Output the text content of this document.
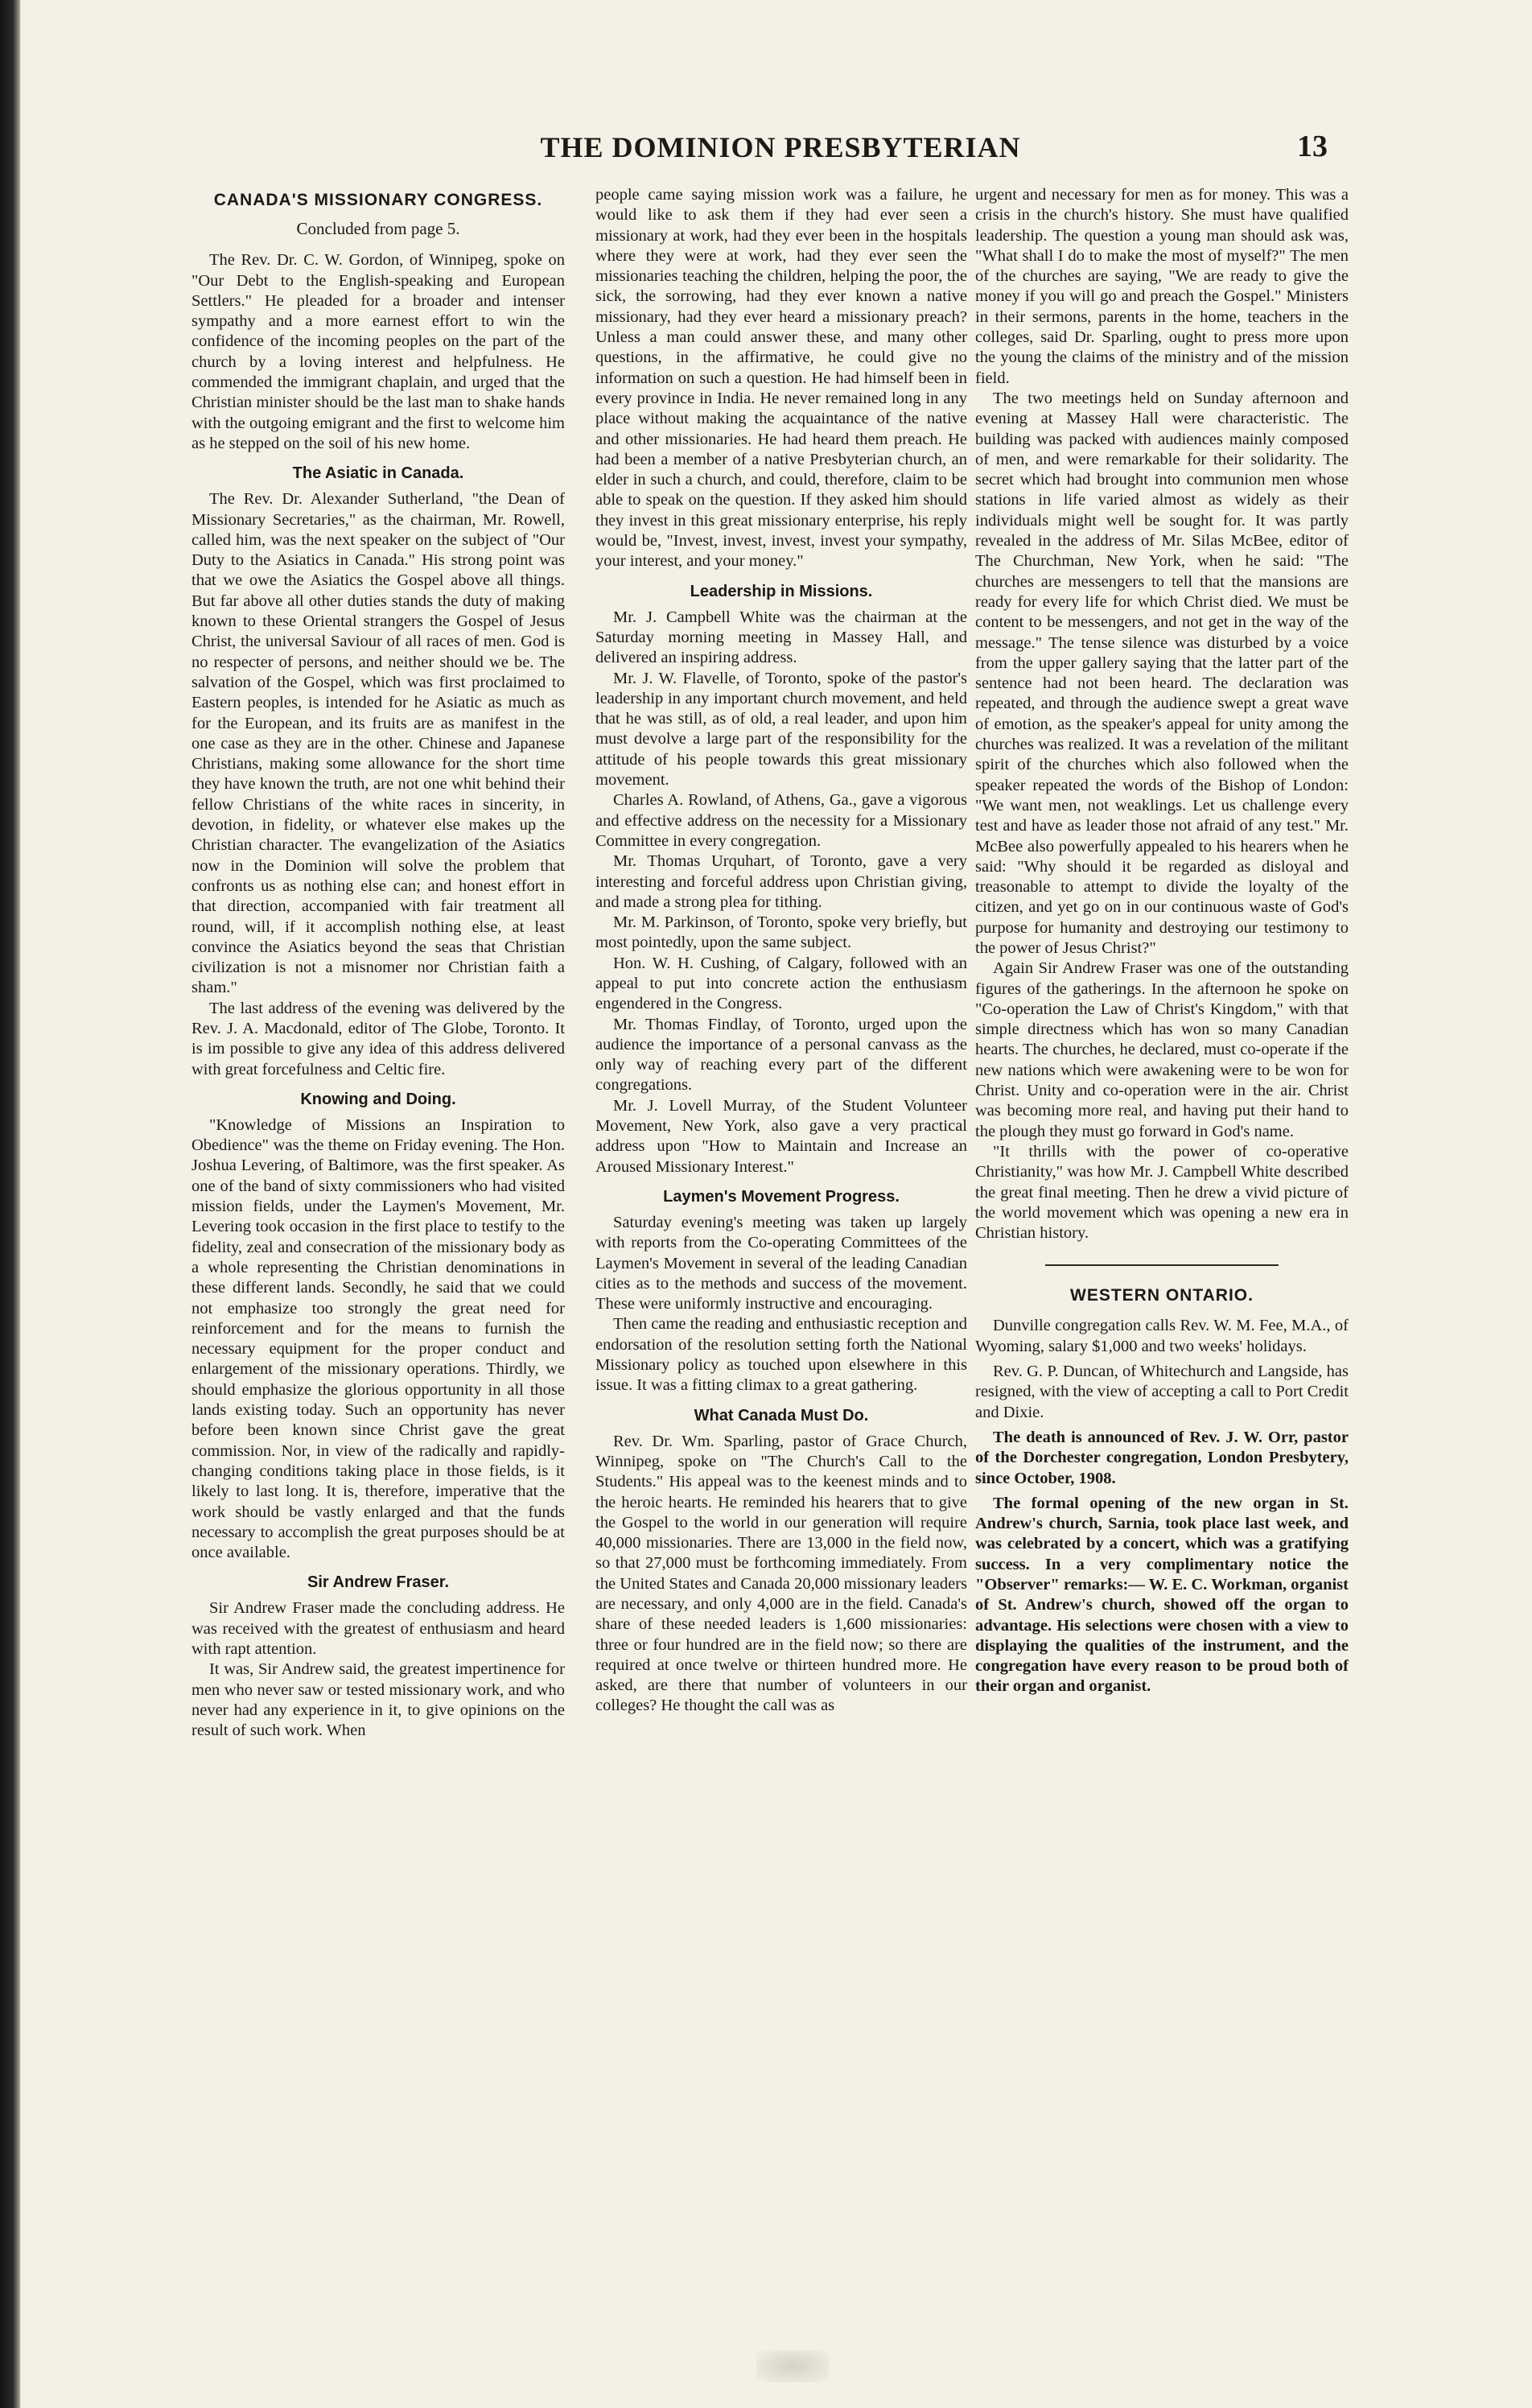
THE DOMINION PRESBYTERIAN	13
CANADA'S MISSIONARY CONGRESS.
Concluded from page 5.

The Rev. Dr. C. W. Gordon, of Winnipeg, spoke on "Our Debt to the English-speaking and European Settlers." He pleaded for a broader and intenser sympathy and a more earnest effort to win the confidence of the incoming peoples on the part of the church by a loving interest and helpfulness. He commended the immigrant chaplain, and urged that the Christian minister should be the last man to shake hands with the outgoing emigrant and the first to welcome him as he stepped on the soil of his new home.

The Asiatic in Canada.

The Rev. Dr. Alexander Sutherland, "the Dean of Missionary Secretaries," as the chairman, Mr. Rowell, called him, was the next speaker on the subject of "Our Duty to the Asiatics in Canada." His strong point was that we owe the Asiatics the Gospel above all things. But far above all other duties stands the duty of making known to these Oriental strangers the Gospel of Jesus Christ, the universal Saviour of all races of men. God is no respecter of persons, and neither should we be. The salvation of the Gospel, which was first proclaimed to Eastern peoples, is intended for he Asiatic as much as for the European, and its fruits are as manifest in the one case as they are in the other. Chinese and Japanese Christians, making some allowance for the short time they have known the truth, are not one whit behind their fellow Christians of the white races in sincerity, in devotion, in fidelity, or whatever else makes up the Christian character. The evangelization of the Asiatics now in the Dominion will solve the problem that confronts us as nothing else can; and honest effort in that direction, accompanied with fair treatment all round, will, if it accomplish nothing else, at least convince the Asiatics beyond the seas that Christian civilization is not a misnomer nor Christian faith a sham."

The last address of the evening was delivered by the Rev. J. A. Macdonald, editor of The Globe, Toronto. It is im possible to give any idea of this address delivered with great forcefulness and Celtic fire.

Knowing and Doing.

"Knowledge of Missions an Inspiration to Obedience" was the theme on Friday evening. The Hon. Joshua Levering, of Baltimore, was the first speaker. As one of the band of sixty commissioners who had visited mission fields, under the Laymen's Movement, Mr. Levering took occasion in the first place to testify to the fidelity, zeal and consecration of the missionary body as a whole representing the Christian denominations in these different lands. Secondly, he said that we could not emphasize too strongly the great need for reinforcement and for the means to furnish the necessary equipment for the proper conduct and enlargement of the missionary operations. Thirdly, we should emphasize the glorious opportunity in all those lands existing today. Such an opportunity has never before been known since Christ gave the great commission. Nor, in view of the radically and rapidly-changing conditions taking place in those fields, is it likely to last long. It is, therefore, imperative that the work should be vastly enlarged and that the funds necessary to accomplish the great purposes should be at once available.

Sir Andrew Fraser.

Sir Andrew Fraser made the concluding address. He was received with the greatest of enthusiasm and heard with rapt attention.

It was, Sir Andrew said, the greatest impertinence for men who never saw or tested missionary work, and who never had any experience in it, to give opinions on the result of such work. When

people came saying mission work was a failure, he would like to ask them if they had ever seen a missionary at work, had they ever been in the hospitals where they were at work, had they ever seen the missionaries teaching the children, helping the poor, the sick, the sorrowing, had they ever known a native missionary, had they ever heard a missionary preach? Unless a man could answer these, and many other questions, in the affirmative, he could give no information on such a question. He had himself been in every province in India. He never remained long in any place without making the acquaintance of the native and other missionaries. He had heard them preach. He had been a member of a native Presbyterian church, an elder in such a church, and could, therefore, claim to be able to speak on the question. If they asked him should they invest in this great missionary enterprise, his reply would be, "Invest, invest, invest, invest your sympathy, your interest, and your money."

Leadership in Missions.

Mr. J. Campbell White was the chairman at the Saturday morning meeting in Massey Hall, and delivered an inspiring address.

Mr. J. W. Flavelle, of Toronto, spoke of the pastor's leadership in any important church movement, and held that he was still, as of old, a real leader, and upon him must devolve a large part of the responsibility for the attitude of his people towards this great missionary movement.

Charles A. Rowland, of Athens, Ga., gave a vigorous and effective address on the necessity for a Missionary Committee in every congregation.

Mr. Thomas Urquhart, of Toronto, gave a very interesting and forceful address upon Christian giving, and made a strong plea for tithing.

Mr. M. Parkinson, of Toronto, spoke very briefly, but most pointedly, upon the same subject.

Hon. W. H. Cushing, of Calgary, followed with an appeal to put into concrete action the enthusiasm engendered in the Congress.

Mr. Thomas Findlay, of Toronto, urged upon the audience the importance of a personal canvass as the only way of reaching every part of the different congregations.

Mr. J. Lovell Murray, of the Student Volunteer Movement, New York, also gave a very practical address upon "How to Maintain and Increase an Aroused Missionary Interest."

Laymen's Movement Progress.

Saturday evening's meeting was taken up largely with reports from the Co-operating Committees of the Laymen's Movement in several of the leading Canadian cities as to the methods and success of the movement. These were uniformly instructive and encouraging.

Then came the reading and enthusiastic reception and endorsation of the resolution setting forth the National Missionary policy as touched upon elsewhere in this issue. It was a fitting climax to a great gathering.

What Canada Must Do.

Rev. Dr. Wm. Sparling, pastor of Grace Church, Winnipeg, spoke on "The Church's Call to the Students." His appeal was to the keenest minds and to the heroic hearts. He reminded his hearers that to give the Gospel to the world in our generation will require 40,000 missionaries. There are 13,000 in the field now, so that 27,000 must be forthcoming immediately. From the United States and Canada 20,000 missionary leaders are necessary, and only 4,000 are in the field. Canada's share of these needed leaders is 1,600 missionaries: three or four hundred are in the field now; so there are required at once twelve or thirteen hundred more. He asked, are there that number of volunteers in our colleges? He thought the call was as

urgent and necessary for men as for money. This was a crisis in the church's history. She must have qualified leadership. The question a young man should ask was, "What shall I do to make the most of myself?" The men of the churches are saying, "We are ready to give the money if you will go and preach the Gospel." Ministers in their sermons, parents in the home, teachers in the colleges, said Dr. Sparling, ought to press more upon the young the claims of the ministry and of the mission field.

The two meetings held on Sunday afternoon and evening at Massey Hall were characteristic. The building was packed with audiences mainly composed of men, and were remarkable for their solidarity. The secret which had brought into communion men whose stations in life varied almost as widely as their individuals might well be sought for. It was partly revealed in the address of Mr. Silas McBee, editor of The Churchman, New York, when he said: "The churches are messengers to tell that the mansions are ready for every life for which Christ died. We must be content to be messengers, and not get in the way of the message." The tense silence was disturbed by a voice from the upper gallery saying that the latter part of the sentence had not been heard. The declaration was repeated, and through the audience swept a great wave of emotion, as the speaker's appeal for unity among the churches was realized. It was a revelation of the militant spirit of the churches which also followed when the speaker repeated the words of the Bishop of London: "We want men, not weaklings. Let us challenge every test and have as leader those not afraid of any test." Mr. McBee also powerfully appealed to his hearers when he said: "Why should it be regarded as disloyal and treasonable to attempt to divide the loyalty of the citizen, and yet go on in our continuous waste of God's purpose for humanity and destroying our testimony to the power of Jesus Christ?"

Again Sir Andrew Fraser was one of the outstanding figures of the gatherings. In the afternoon he spoke on "Co-operation the Law of Christ's Kingdom," with that simple directness which has won so many Canadian hearts. The churches, he declared, must co-operate if the new nations which were awakening were to be won for Christ. Unity and co-operation were in the air. Christ was becoming more real, and having put their hand to the plough they must go forward in God's name.

"It thrills with the power of co-operative Christianity," was how Mr. J. Campbell White described the great final meeting. Then he drew a vivid picture of the world movement which was opening a new era in Christian history.

WESTERN ONTARIO.

Dunville congregation calls Rev. W. M. Fee, M.A., of Wyoming, salary $1,000 and two weeks' holidays.

Rev. G. P. Duncan, of Whitechurch and Langside, has resigned, with the view of accepting a call to Port Credit and Dixie.

The death is announced of Rev. J. W. Orr, pastor of the Dorchester congregation, London Presbytery, since October, 1908.

The formal opening of the new organ in St. Andrew's church, Sarnia, took place last week, and was celebrated by a concert, which was a gratifying success. In a very complimentary notice the "Observer" remarks:— W. E. C. Workman, organist of St. Andrew's church, showed off the organ to advantage. His selections were chosen with a view to displaying the qualities of the instrument, and the congregation have every reason to be proud both of their organ and organist.
